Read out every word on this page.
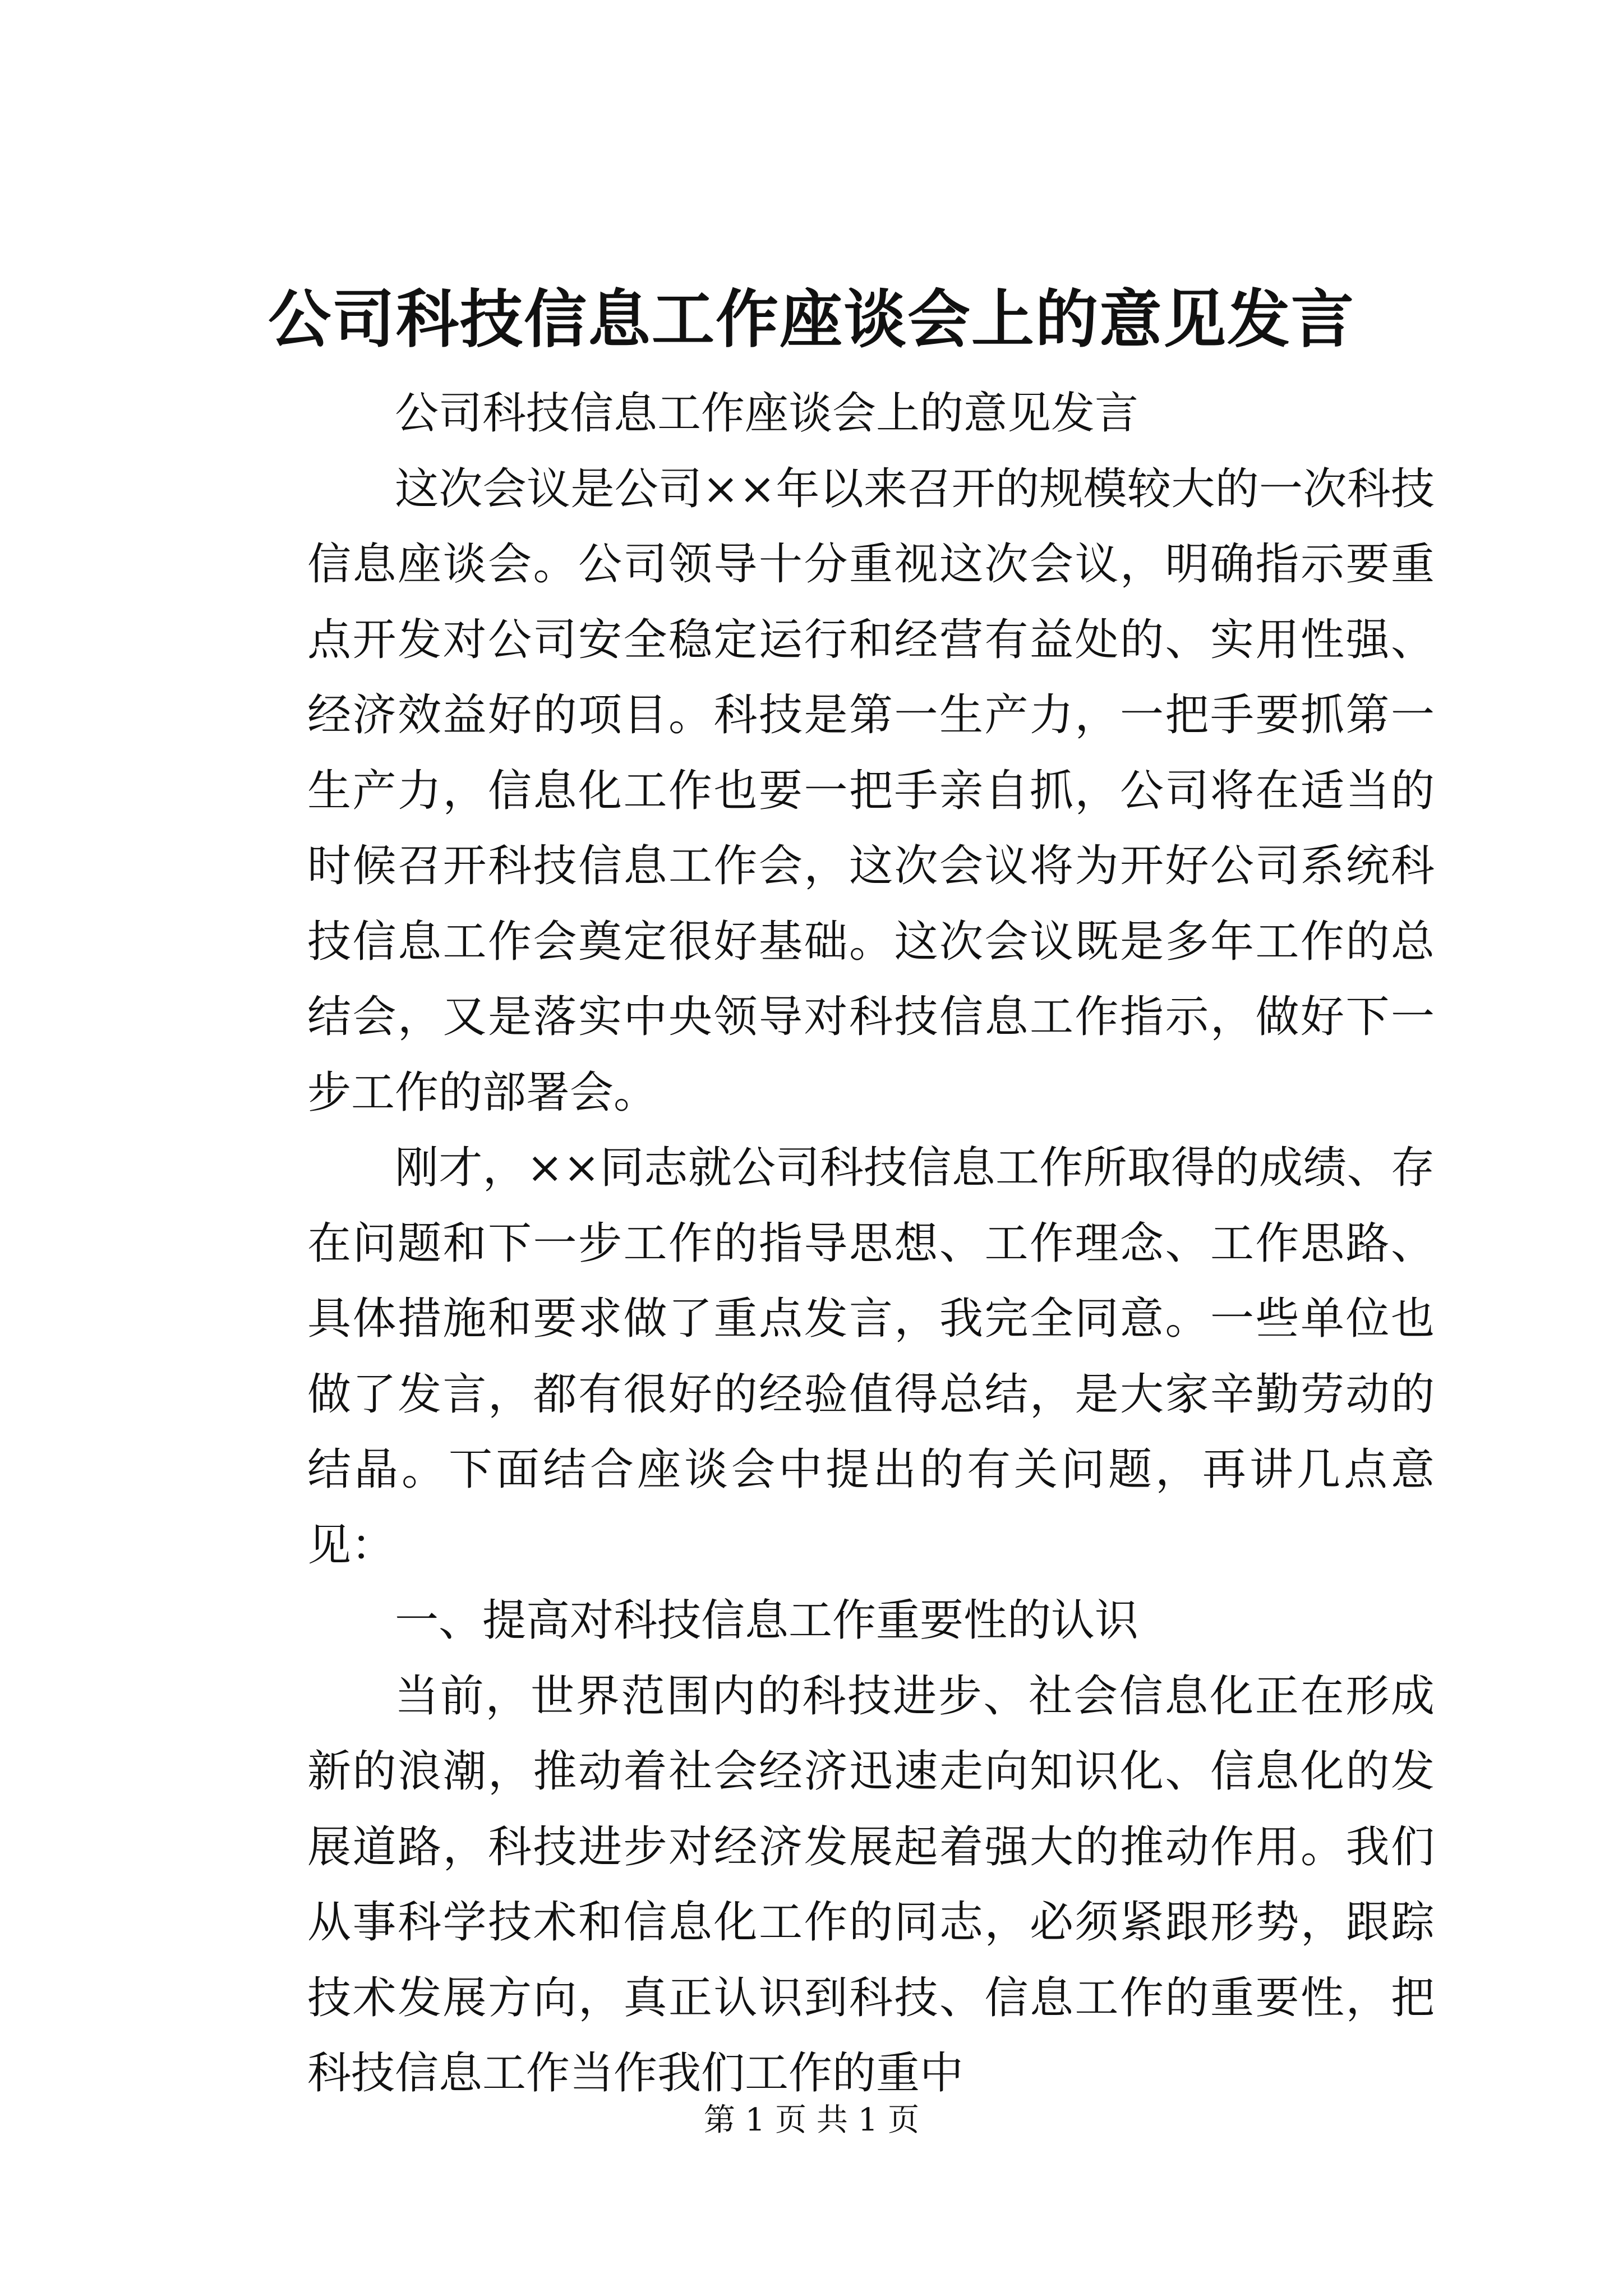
公司科技信息工作座谈会上的意见发言

公司科技信息工作座谈会上的意见发言

这次会议是公司××年以来召开的规模较大的一次科技信息座谈会。公司领导十分重视这次会议，明确指示要重点开发对公司安全稳定运行和经营有益处的、实用性强、经济效益好的项目。科技是第一生产力，一把手要抓第一生产力，信息化工作也要一把手亲自抓，公司将在适当的时候召开科技信息工作会，这次会议将为开好公司系统科技信息工作会奠定很好基础。这次会议既是多年工作的总结会，又是落实中央领导对科技信息工作指示，做好下一步工作的部署会。

刚才，××同志就公司科技信息工作所取得的成绩、存在问题和下一步工作的指导思想、工作理念、工作思路、具体措施和要求做了重点发言，我完全同意。一些单位也做了发言，都有很好的经验值得总结，是大家辛勤劳动的结晶。下面结合座谈会中提出的有关问题，再讲几点意见：

一、提高对科技信息工作重要性的认识

当前，世界范围内的科技进步、社会信息化正在形成新的浪潮，推动着社会经济迅速走向知识化、信息化的发展道路，科技进步对经济发展起着强大的推动作用。我们从事科学技术和信息化工作的同志，必须紧跟形势，跟踪技术发展方向，真正认识到科技、信息工作的重要性，把科技信息工作当作我们工作的重中

第 1 页 共 1 页
